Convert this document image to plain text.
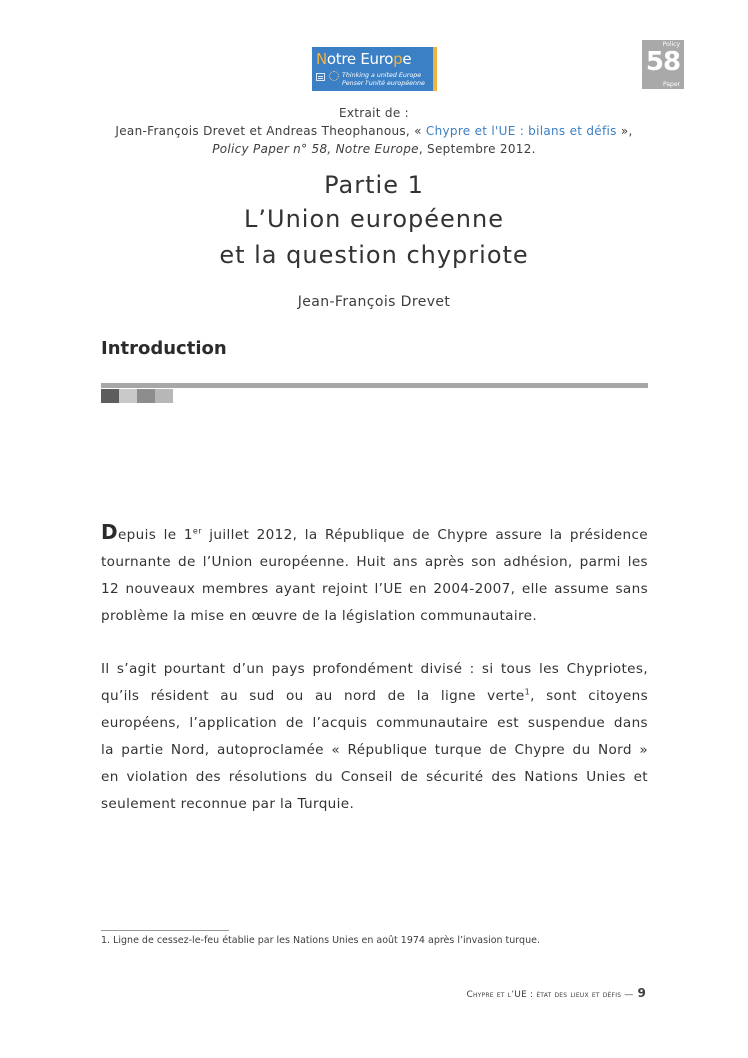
Notre Europe
Thinking a united Europe
Penser l'unité européenne
Policy
58
Paper
Extrait de :
Jean-François Drevet et Andreas Theophanous, « Chypre et l'UE : bilans et défis »,
Policy Paper n° 58, Notre Europe, Septembre 2012.
Partie 1
L’Union européenne
et la question chypriote
Jean-François Drevet
Introduction
Depuis le 1er juillet 2012, la République de Chypre assure la présidence
tournante de l’Union européenne. Huit ans après son adhésion, parmi les
12 nouveaux membres ayant rejoint l’UE en 2004-2007, elle assume sans
problème la mise en œuvre de la législation communautaire.
Il s’agit pourtant d’un pays profondément divisé : si tous les Chypriotes,
qu’ils résident au sud ou au nord de la ligne verte$^1$, sont citoyens
européens, l’application de l’acquis communautaire est suspendue dans
la partie Nord, autoproclamée « République turque de Chypre du Nord »
en violation des résolutions du Conseil de sécurité des Nations Unies et
seulement reconnue par la Turquie.
1. Ligne de cessez-le-feu établie par les Nations Unies en août 1974 après l’invasion turque.
Chypre et l’UE : état des lieux et défis — 9
